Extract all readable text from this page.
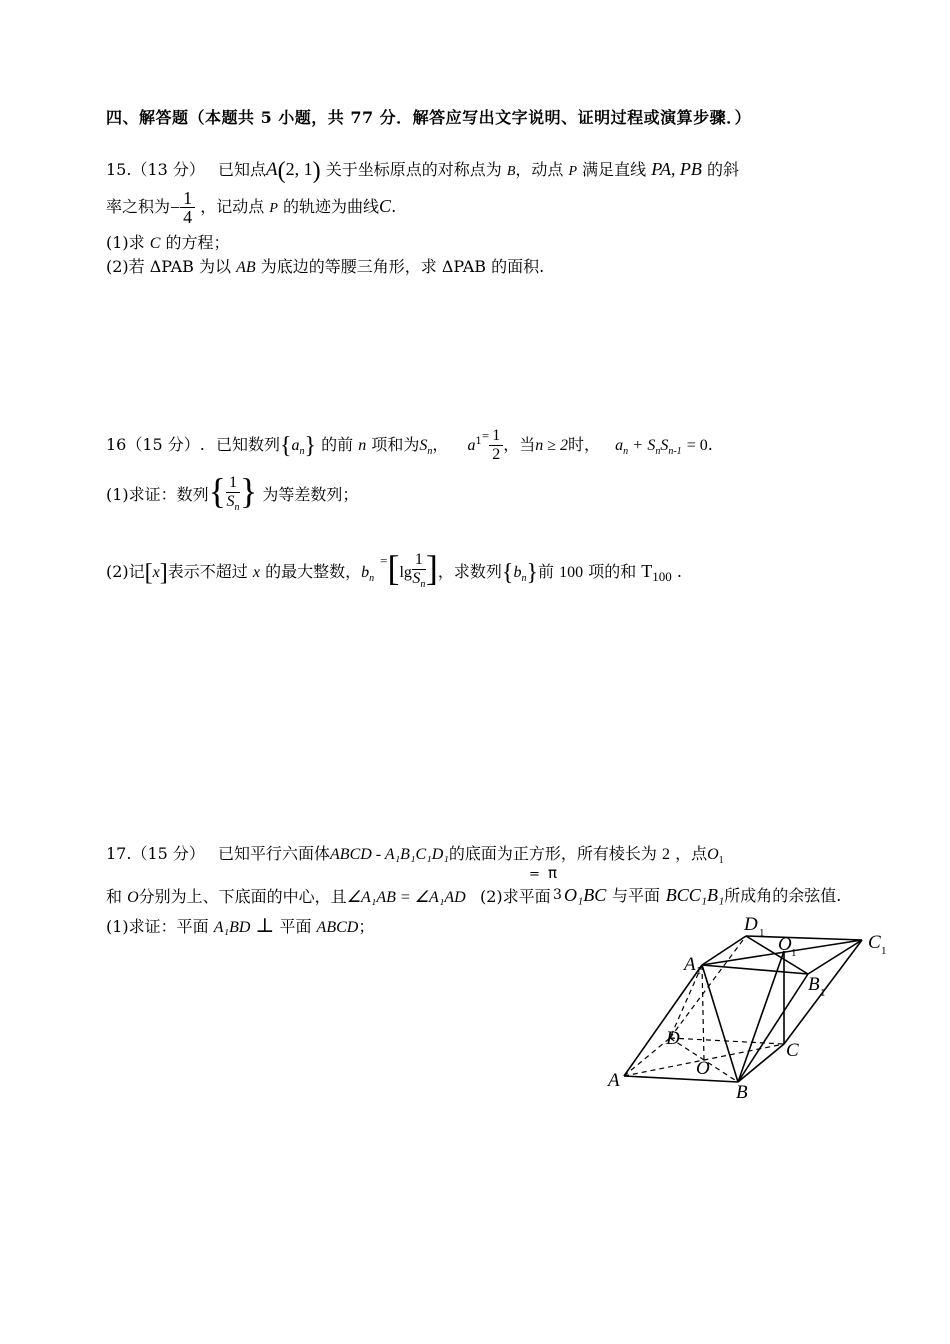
四、解答题（本题共 5 小题，共 77 分．解答应写出文字说明、证明过程或演算步骤．）
15.（13 分） 已知点A(2, 1) 关于坐标原点的对称点为 B，动点 P 满足直线 PA, PB 的斜
率之积为− $\frac{1}{4}$ ，记动点 P 的轨迹为曲线C.
(1)求 C 的方程；
(2)若 ΔPAB 为以 AB 为底边的等腰三角形，求 ΔPAB 的面积.
16（15 分）. 已知数列$\{a_n\}$ 的前 n 项和为$S_n$， $a^{1=} \frac{1}{2}$ ，当n ≥ 2时， $a_n + S_nS_{n-1} = 0$.
(1)求证：数列{ $\frac{1}{S_n}$ } 为等差数列；
(2)记[x]表示不超过 x 的最大整数，$b_n^=[\lg \frac{1}{S_n}$ ]，求数列$\{b_n\}$前 100 项的和 $T_{100}$ .
17.（15 分） 已知平行六面体ABCD - A₁B₁C₁D₁的底面为正方形，所有棱长为 2 ，点$O_1$
和 O分别为上、下底面的中心，且∠A₁AB = ∠A₁AD (2)求平面
= π
3 O₁BC 与平面 BCC₁B₁所成角的余弦值.
(1)求证：平面 A₁BD ⊥ 平面 ABCD；
A
B
C
D
O
A 1
B 1
C 1
D 1
O 1
